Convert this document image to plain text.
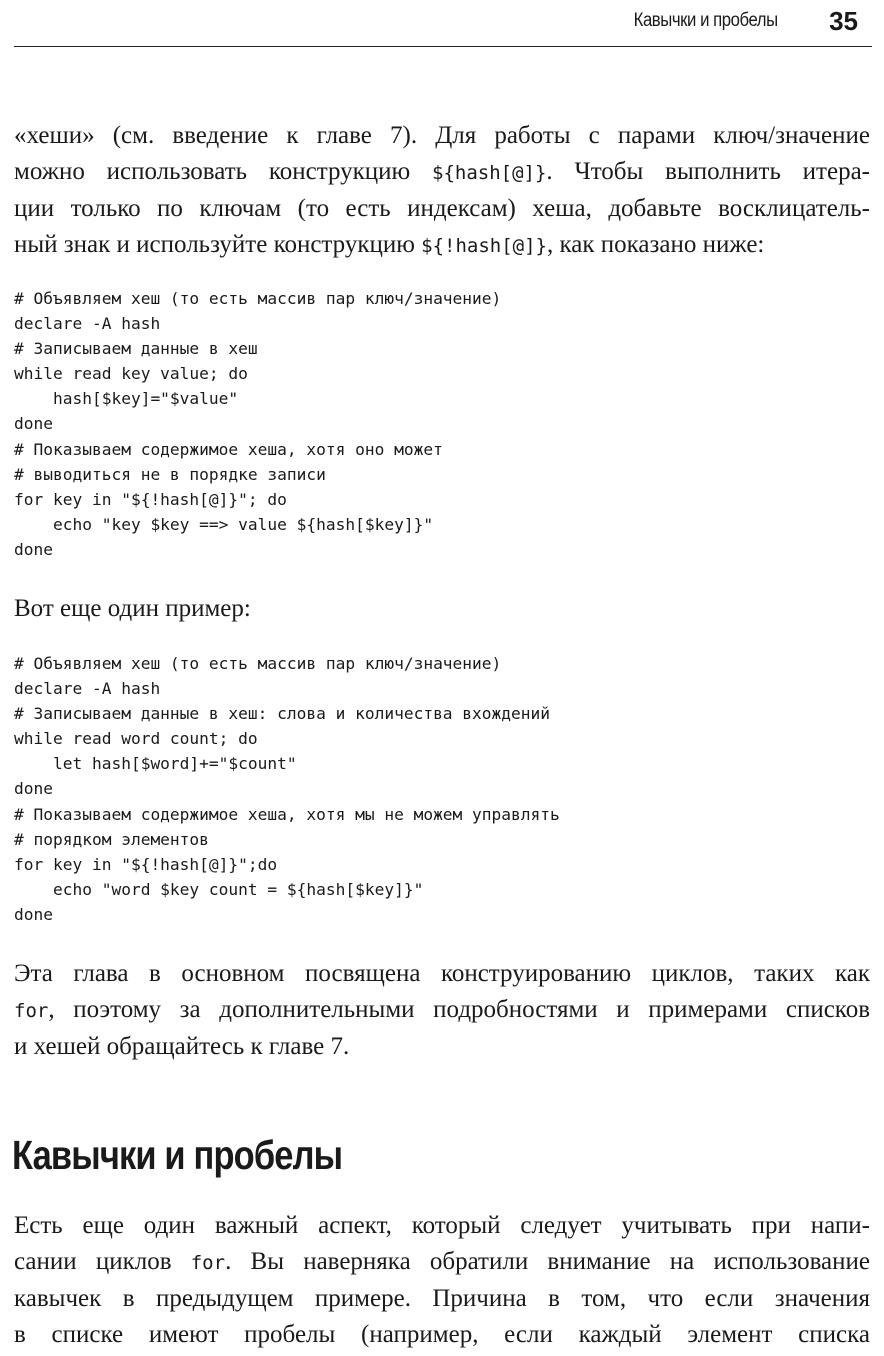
Кавычки и пробелы 35

«хеши» (см. введение к главе 7). Для работы с парами ключ/значение
можно использовать конструкцию ${hash[@]}. Чтобы выполнить итера-
ции только по ключам (то есть индексам) хеша, добавьте восклицатель-
ный знак и используйте конструкцию ${!hash[@]}, как показано ниже:

# Объявляем хеш (то есть массив пар ключ/значение)
declare -A hash
# Записываем данные в хеш
while read key value; do
hash[$key]="$value"
done
# Показываем содержимое хеша, хотя оно может
# выводиться не в порядке записи
for key in "${!hash[@]}"; do
echo "key $key ==> value ${hash[$key]}"
done

Вот еще один пример:

# Объявляем хеш (то есть массив пар ключ/значение)
declare -A hash
# Записываем данные в хеш: слова и количества вхождений
while read word count; do
let hash[$word]+="$count"
done
# Показываем содержимое хеша, хотя мы не можем управлять
# порядком элементов
for key in "${!hash[@]}";do
echo "word $key count = ${hash[$key]}"
done

Эта глава в основном посвящена конструированию циклов, таких как
for, поэтому за дополнительными подробностями и примерами списков
и хешей обращайтесь к главе 7.

Кавычки и пробелы

Есть еще один важный аспект, который следует учитывать при напи-
сании циклов for. Вы наверняка обратили внимание на использование
кавычек в предыдущем примере. Причина в том, что если значения
в списке имеют пробелы (например, если каждый элемент списка
